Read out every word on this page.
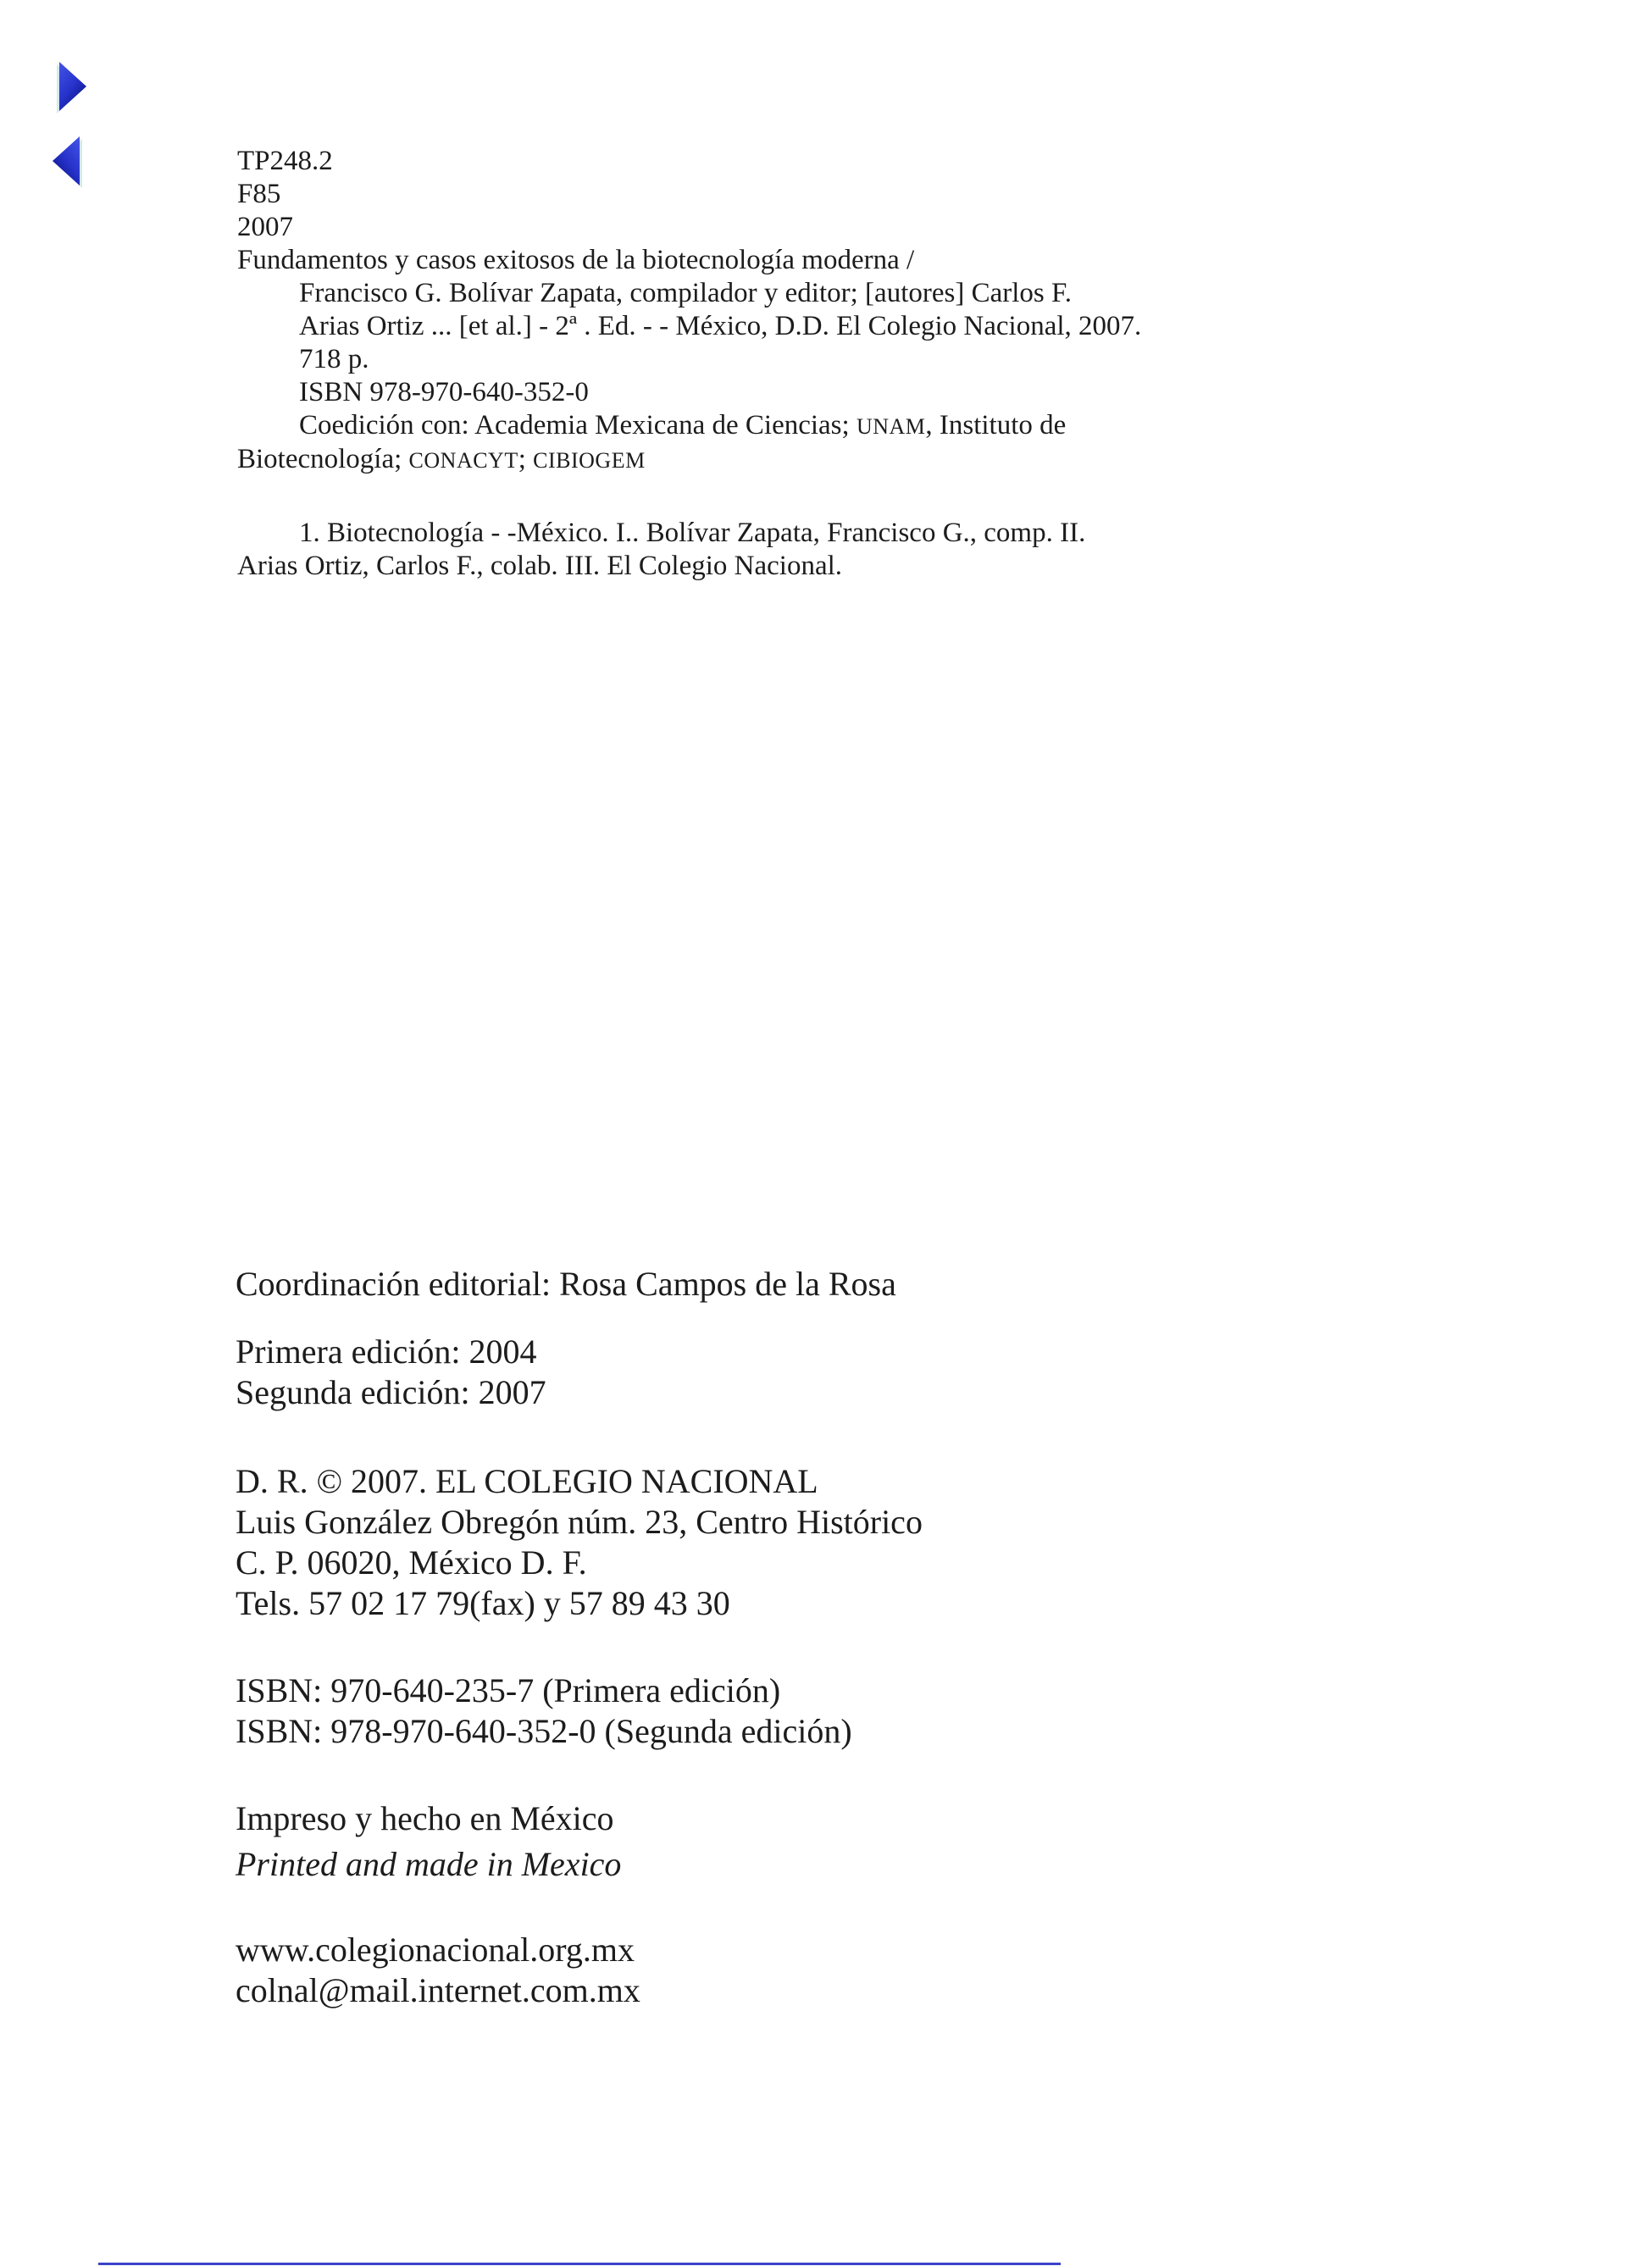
TP248.2
F85
2007
Fundamentos y casos exitosos de la biotecnología moderna /
Francisco G. Bolívar Zapata, compilador y editor; [autores] Carlos F.
Arias Ortiz ... [et al.] - 2ª . Ed. - - México, D.D. El Colegio Nacional, 2007.
718 p.
ISBN 978-970-640-352-0
Coedición con: Academia Mexicana de Ciencias; UNAM, Instituto de
Biotecnología; CONACYT; CIBIOGEM
1. Biotecnología - -México. I.. Bolívar Zapata, Francisco G., comp. II.
Arias Ortiz, Carlos F., colab. III. El Colegio Nacional.
Coordinación editorial: Rosa Campos de la Rosa
Primera edición: 2004
Segunda edición: 2007
D. R. © 2007. EL COLEGIO NACIONAL
Luis González Obregón núm. 23, Centro Histórico
C. P. 06020, México D. F.
Tels. 57 02 17 79(fax) y 57 89 43 30
ISBN: 970-640-235-7 (Primera edición)
ISBN: 978-970-640-352-0 (Segunda edición)
Impreso y hecho en México
Printed and made in Mexico
www.colegionacional.org.mx
colnal@mail.internet.com.mx
